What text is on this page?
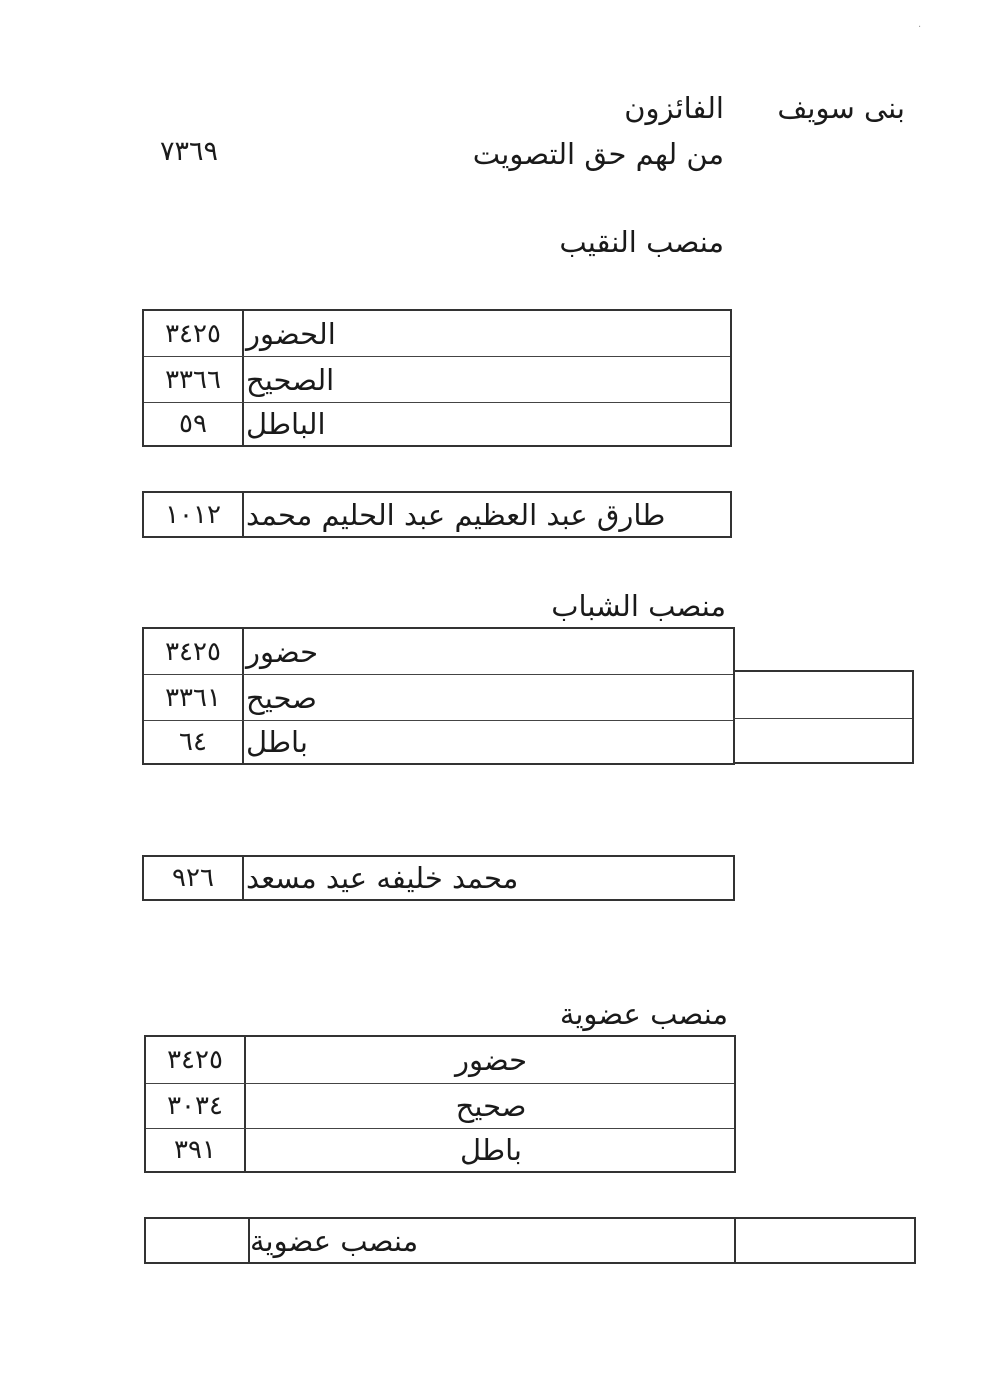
·
بنى سويف
الفائزون
من لهم حق التصويت
٧٣٦٩
منصب النقيب
الحضور
٣٤٢٥
الصحيح
٣٣٦٦
الباطل
٥٩
طارق عبد العظيم عبد الحليم محمد
١٠١٢
منصب الشباب
حضور
٣٤٢٥
صحيح
٣٣٦١
باطل
٦٤
محمد خليفه عيد مسعد
٩٢٦
منصب عضوية
حضور
٣٤٢٥
صحيح
٣٠٣٤
باطل
٣٩١
منصب عضوية
